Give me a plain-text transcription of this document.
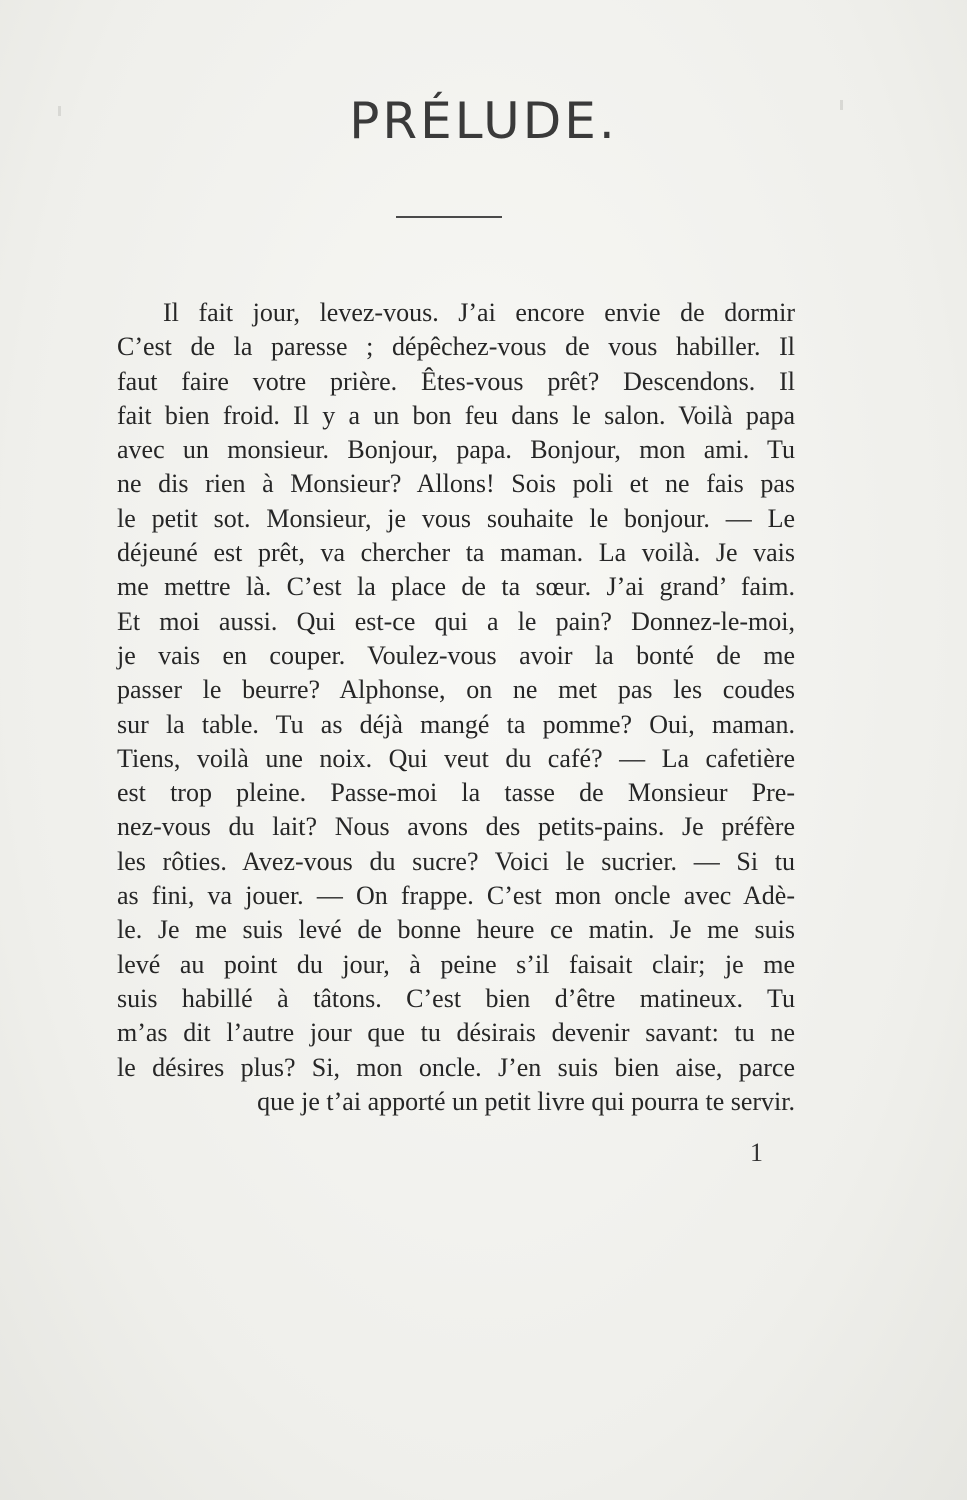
PRÉLUDE.
Il fait jour, levez-vous. J’ai encore envie de dormir
C’est de la paresse ; dépêchez-vous de vous habiller. Il
faut faire votre prière. Êtes-vous prêt? Descendons. Il
fait bien froid. Il y a un bon feu dans le salon. Voilà papa
avec un monsieur. Bonjour, papa. Bonjour, mon ami. Tu
ne dis rien à Monsieur? Allons! Sois poli et ne fais pas
le petit sot. Monsieur, je vous souhaite le bonjour. — Le
déjeuné est prêt, va chercher ta maman. La voilà. Je vais
me mettre là. C’est la place de ta sœur. J’ai grand’ faim.
Et moi aussi. Qui est-ce qui a le pain? Donnez-le-moi,
je vais en couper. Voulez-vous avoir la bonté de me
passer le beurre? Alphonse, on ne met pas les coudes
sur la table. Tu as déjà mangé ta pomme? Oui, maman.
Tiens, voilà une noix. Qui veut du café? — La cafetière
est trop pleine. Passe-moi la tasse de Monsieur Pre-
nez-vous du lait? Nous avons des petits-pains. Je préfère
les rôties. Avez-vous du sucre? Voici le sucrier. — Si tu
as fini, va jouer. — On frappe. C’est mon oncle avec Adè-
le. Je me suis levé de bonne heure ce matin. Je me suis
levé au point du jour, à peine s’il faisait clair; je me
suis habillé à tâtons. C’est bien d’être matineux. Tu
m’as dit l’autre jour que tu désirais devenir savant: tu ne
le désires plus? Si, mon oncle. J’en suis bien aise, parce
que je t’ai apporté un petit livre qui pourra te servir.
1
